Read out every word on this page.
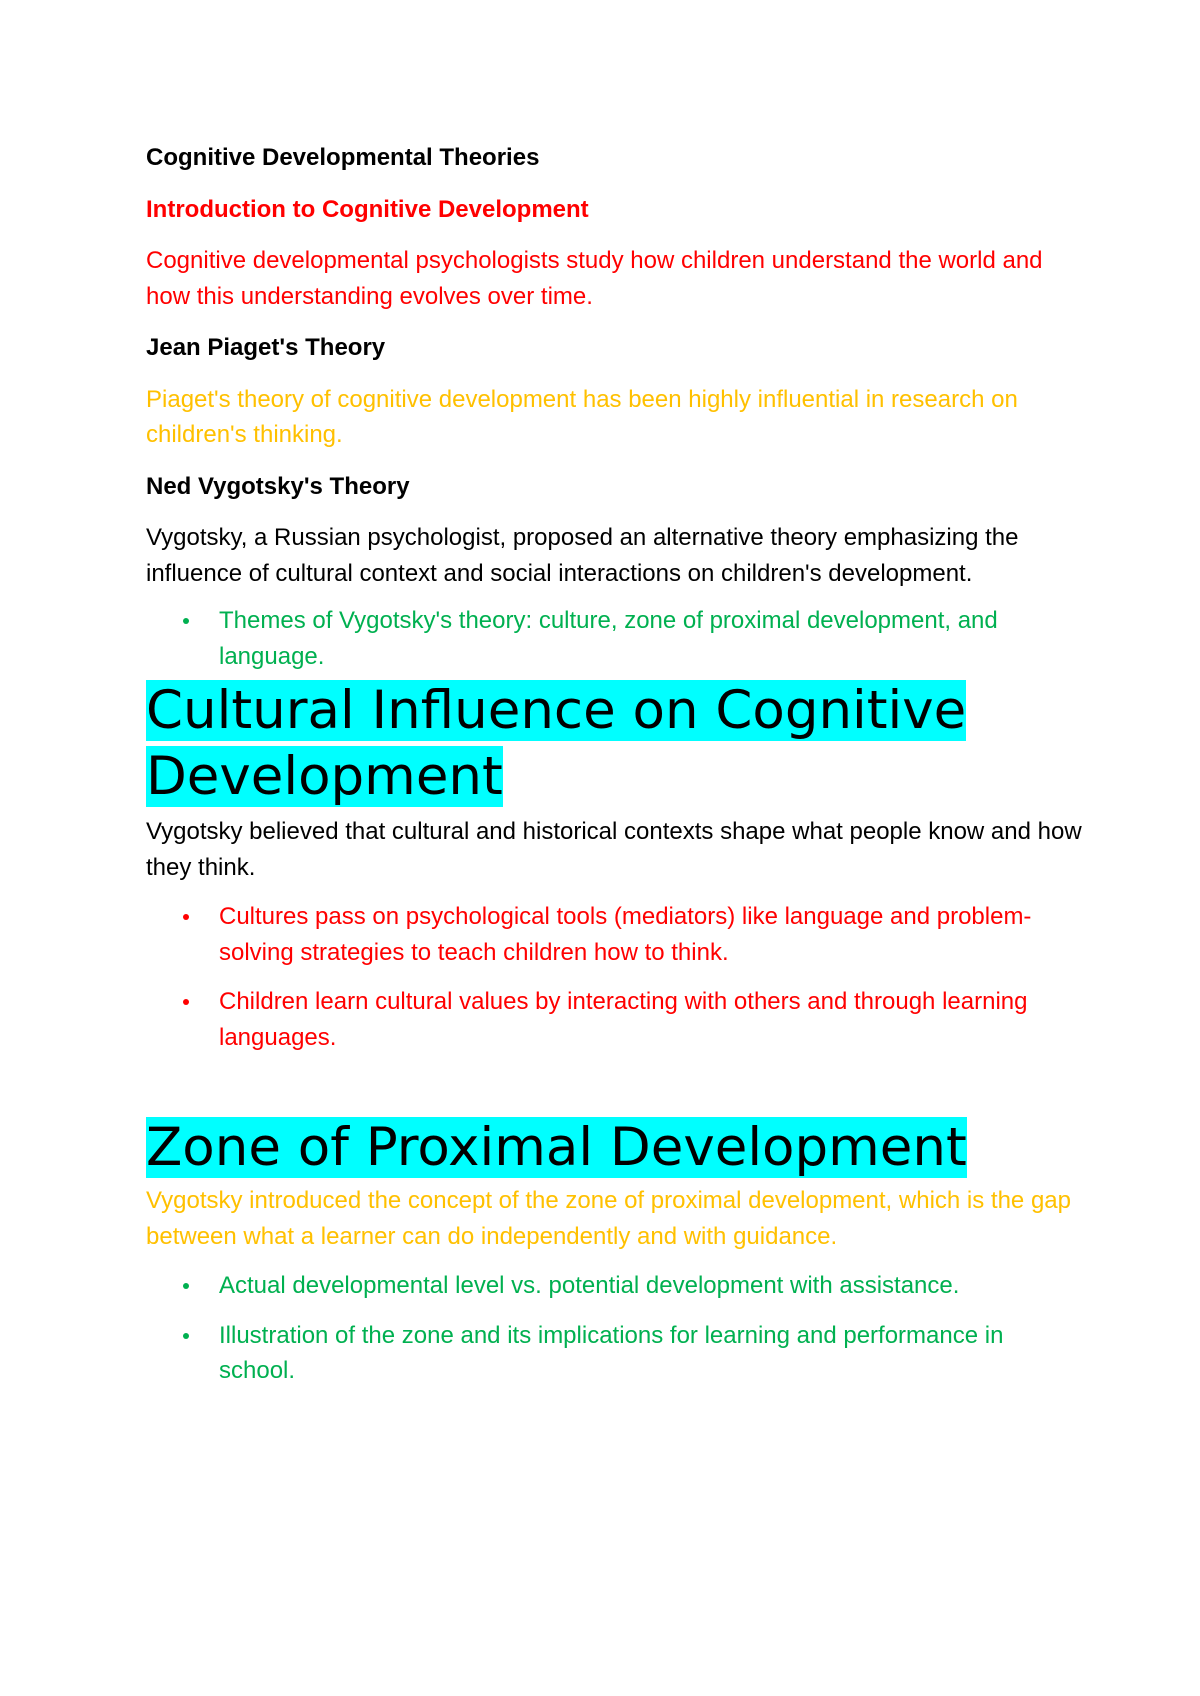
Cognitive Developmental Theories

Introduction to Cognitive Development

Cognitive developmental psychologists study how children understand the world and how this understanding evolves over time.

Jean Piaget's Theory

Piaget's theory of cognitive development has been highly influential in research on children's thinking.

Ned Vygotsky's Theory

Vygotsky, a Russian psychologist, proposed an alternative theory emphasizing the influence of cultural context and social interactions on children's development.

Themes of Vygotsky's theory: culture, zone of proximal development, and language.
Cultural Influence on Cognitive Development

Vygotsky believed that cultural and historical contexts shape what people know and how they think.

Cultures pass on psychological tools (mediators) like language and problem-solving strategies to teach children how to think.
Children learn cultural values by interacting with others and through learning languages.
Zone of Proximal Development

Vygotsky introduced the concept of the zone of proximal development, which is the gap between what a learner can do independently and with guidance.

Actual developmental level vs. potential development with assistance.
Illustration of the zone and its implications for learning and performance in school.
